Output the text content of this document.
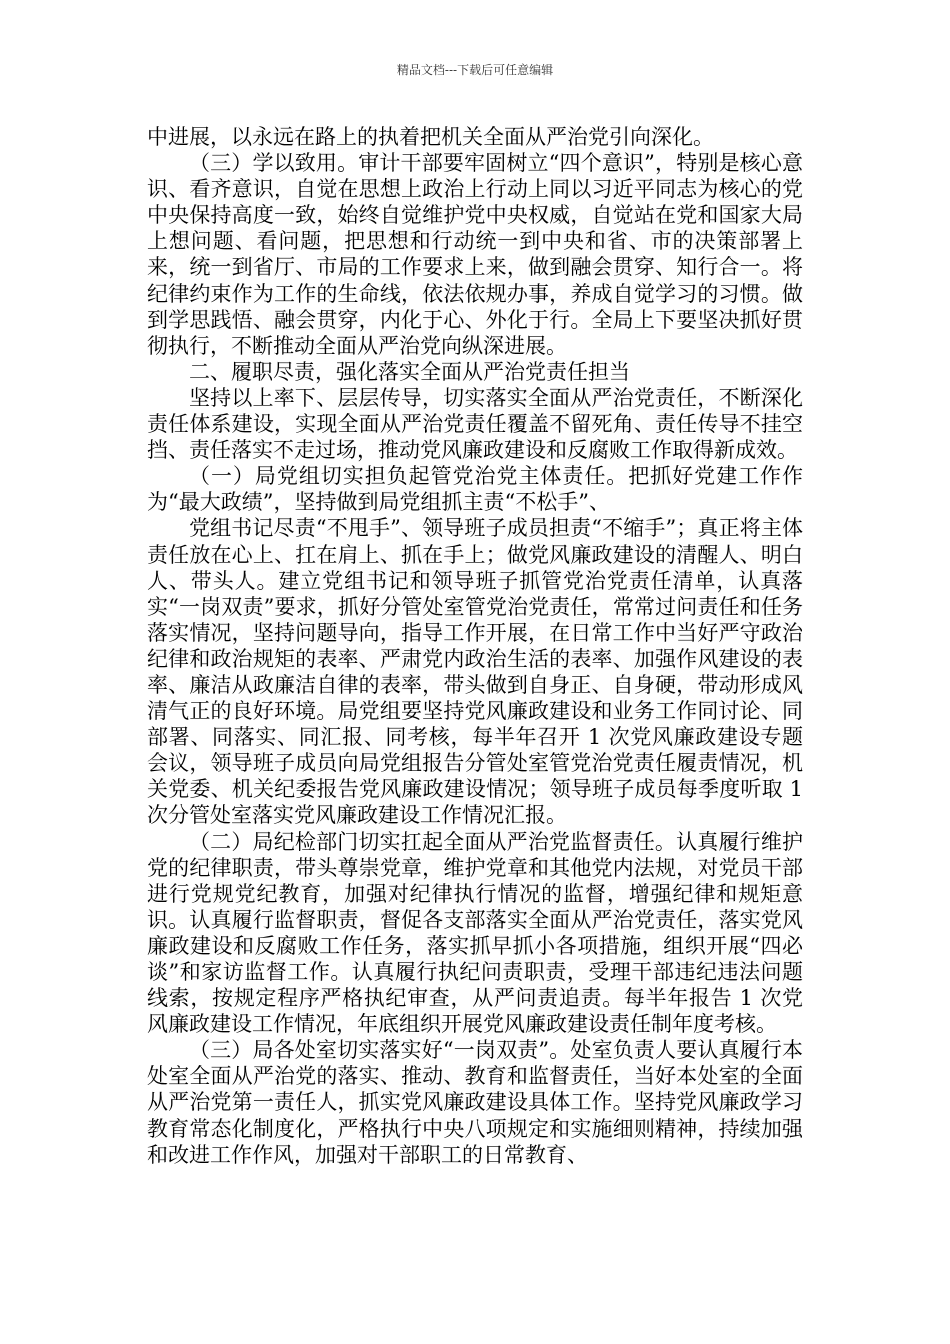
精品文档---下载后可任意编辑

中进展，以永远在路上的执着把机关全面从严治党引向深化。

（三）学以致用。审计干部要牢固树立“四个意识”，特别是核心意识、看齐意识，自觉在思想上政治上行动上同以习近平同志为核心的党中央保持高度一致，始终自觉维护党中央权威，自觉站在党和国家大局上想问题、看问题，把思想和行动统一到中央和省、市的决策部署上来，统一到省厅、市局的工作要求上来，做到融会贯穿、知行合一。将纪律约束作为工作的生命线，依法依规办事，养成自觉学习的习惯。做到学思践悟、融会贯穿，内化于心、外化于行。全局上下要坚决抓好贯彻执行，不断推动全面从严治党向纵深进展。

二、履职尽责，强化落实全面从严治党责任担当

坚持以上率下、层层传导，切实落实全面从严治党责任，不断深化责任体系建设，实现全面从严治党责任覆盖不留死角、责任传导不挂空挡、责任落实不走过场，推动党风廉政建设和反腐败工作取得新成效。

（一）局党组切实担负起管党治党主体责任。把抓好党建工作作为“最大政绩”，坚持做到局党组抓主责“不松手”、

党组书记尽责“不甩手”、领导班子成员担责“不缩手”；真正将主体责任放在心上、扛在肩上、抓在手上；做党风廉政建设的清醒人、明白人、带头人。建立党组书记和领导班子抓管党治党责任清单，认真落实“一岗双责”要求，抓好分管处室管党治党责任，常常过问责任和任务落实情况，坚持问题导向，指导工作开展，在日常工作中当好严守政治纪律和政治规矩的表率、严肃党内政治生活的表率、加强作风建设的表率、廉洁从政廉洁自律的表率，带头做到自身正、自身硬，带动形成风清气正的良好环境。局党组要坚持党风廉政建设和业务工作同讨论、同部署、同落实、同汇报、同考核，每半年召开 1 次党风廉政建设专题会议，领导班子成员向局党组报告分管处室管党治党责任履责情况，机关党委、机关纪委报告党风廉政建设情况；领导班子成员每季度听取 1 次分管处室落实党风廉政建设工作情况汇报。

（二）局纪检部门切实扛起全面从严治党监督责任。认真履行维护党的纪律职责，带头尊崇党章，维护党章和其他党内法规，对党员干部进行党规党纪教育，加强对纪律执行情况的监督，增强纪律和规矩意识。认真履行监督职责，督促各支部落实全面从严治党责任，落实党风廉政建设和反腐败工作任务，落实抓早抓小各项措施，组织开展“四必谈”和家访监督工作。认真履行执纪问责职责，受理干部违纪违法问题线索，按规定程序严格执纪审查，从严问责追责。每半年报告 1 次党风廉政建设工作情况，年底组织开展党风廉政建设责任制年度考核。

（三）局各处室切实落实好“一岗双责”。处室负责人要认真履行本处室全面从严治党的落实、推动、教育和监督责任，当好本处室的全面从严治党第一责任人，抓实党风廉政建设具体工作。坚持党风廉政学习教育常态化制度化，严格执行中央八项规定和实施细则精神，持续加强和改进工作作风，加强对干部职工的日常教育、
